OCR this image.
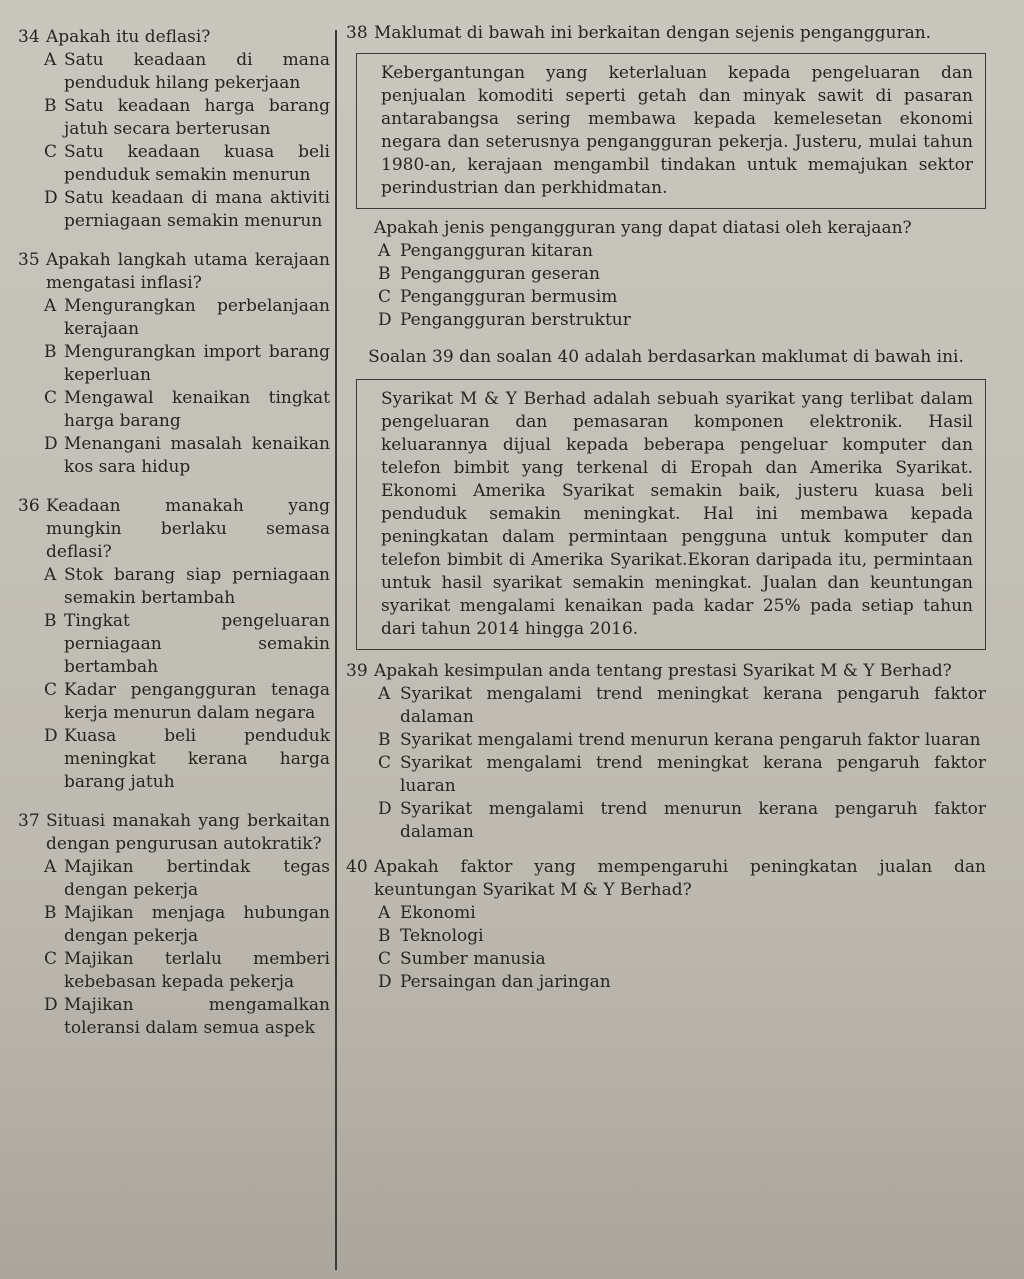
34 Apakah itu deflasi?
A Satu keadaan di mana penduduk hilang pekerjaan
B Satu keadaan harga barang jatuh secara berterusan
C Satu keadaan kuasa beli penduduk semakin menurun
D Satu keadaan di mana aktiviti perniagaan semakin menurun
35 Apakah langkah utama kerajaan mengatasi inflasi?
A Mengurangkan perbelanjaan kerajaan
B Mengurangkan import barang keperluan
C Mengawal kenaikan tingkat harga barang
D Menangani masalah kenaikan kos sara hidup
36 Keadaan manakah yang mungkin berlaku semasa deflasi?
A Stok barang siap perniagaan semakin bertambah
B Tingkat pengeluaran perniagaan semakin bertambah
C Kadar pengangguran tenaga kerja menurun dalam negara
D Kuasa beli penduduk meningkat kerana harga barang jatuh
37 Situasi manakah yang berkaitan dengan pengurusan autokratik?
A Majikan bertindak tegas dengan pekerja
B Majikan menjaga hubungan dengan pekerja
C Majikan terlalu memberi kebebasan kepada pekerja
D Majikan mengamalkan toleransi dalam semua aspek
38 Maklumat di bawah ini berkaitan dengan sejenis pengangguran.
Kebergantungan yang keterlaluan kepada pengeluaran dan penjualan komoditi seperti getah dan minyak sawit di pasaran antarabangsa sering membawa kepada kemelesetan ekonomi negara dan seterusnya pengangguran pekerja. Justeru, mulai tahun 1980-an, kerajaan mengambil tindakan untuk memajukan sektor perindustrian dan perkhidmatan.
Apakah jenis pengangguran yang dapat diatasi oleh kerajaan?
A Pengangguran kitaran
B Pengangguran geseran
C Pengangguran bermusim
D Pengangguran berstruktur
Soalan 39 dan soalan 40 adalah berdasarkan maklumat di bawah ini.
Syarikat M & Y Berhad adalah sebuah syarikat yang terlibat dalam pengeluaran dan pemasaran komponen elektronik. Hasil keluarannya dijual kepada beberapa pengeluar komputer dan telefon bimbit yang terkenal di Eropah dan Amerika Syarikat. Ekonomi Amerika Syarikat semakin baik, justeru kuasa beli penduduk semakin meningkat. Hal ini membawa kepada peningkatan dalam permintaan pengguna untuk komputer dan telefon bimbit di Amerika Syarikat.Ekoran daripada itu, permintaan untuk hasil syarikat semakin meningkat. Jualan dan keuntungan syarikat mengalami kenaikan pada kadar 25% pada setiap tahun dari tahun 2014 hingga 2016.
39 Apakah kesimpulan anda tentang prestasi Syarikat M & Y Berhad?
A Syarikat mengalami trend meningkat kerana pengaruh faktor dalaman
B Syarikat mengalami trend menurun kerana pengaruh faktor luaran
C Syarikat mengalami trend meningkat kerana pengaruh faktor luaran
D Syarikat mengalami trend menurun kerana pengaruh faktor dalaman
40 Apakah faktor yang mempengaruhi peningkatan jualan dan keuntungan Syarikat M & Y Berhad?
A Ekonomi
B Teknologi
C Sumber manusia
D Persaingan dan jaringan
